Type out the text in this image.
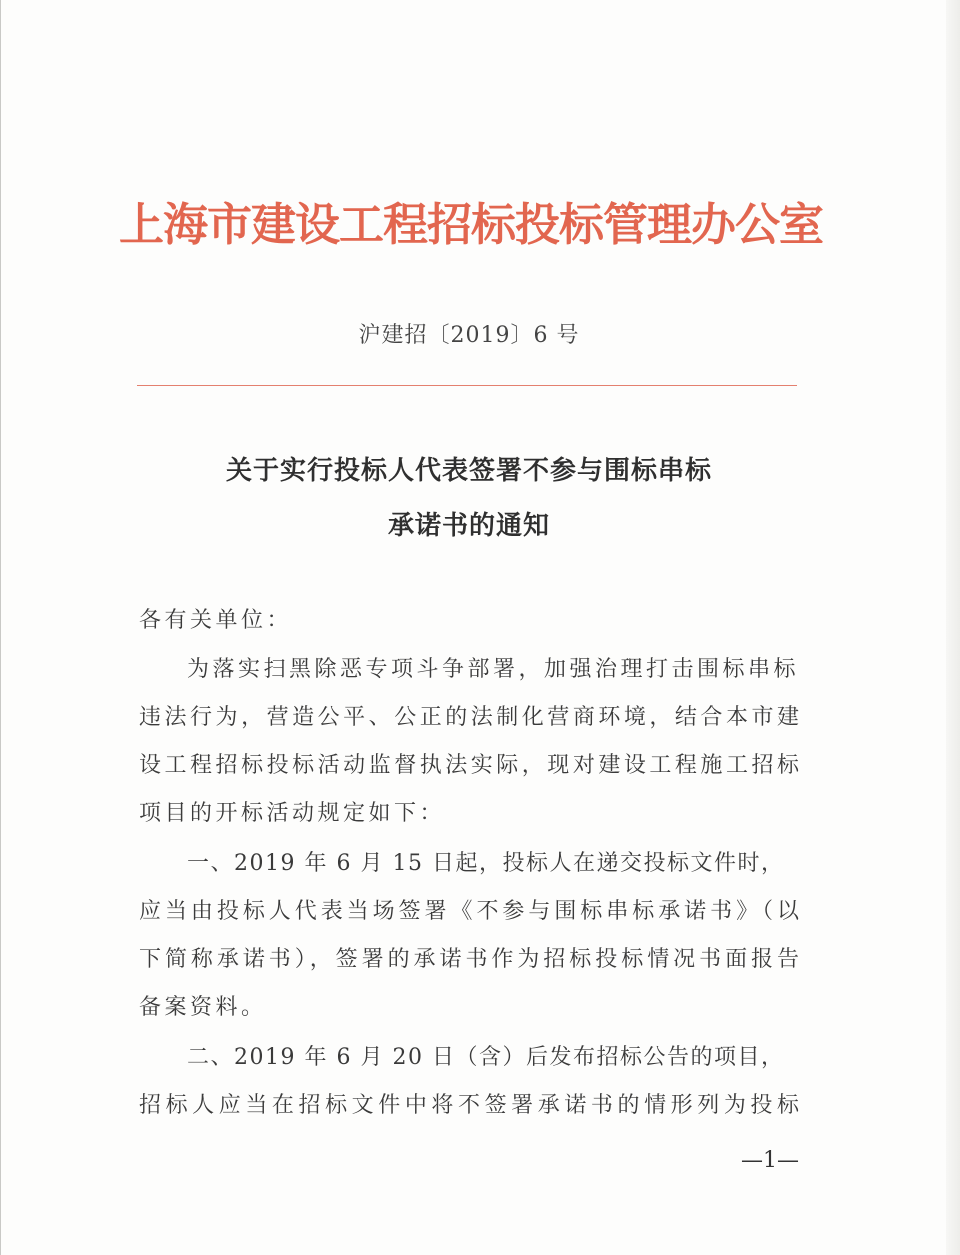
上海市建设工程招标投标管理办公室
沪建招〔2019〕6 号
关于实行投标人代表签署不参与围标串标
承诺书的通知
各有关单位：
为落实扫黑除恶专项斗争部署，加强治理打击围标串标
违法行为，营造公平、公正的法制化营商环境，结合本市建
设工程招标投标活动监督执法实际，现对建设工程施工招标
项目的开标活动规定如下：
一、2019 年 6 月 15 日起，投标人在递交投标文件时，
应当由投标人代表当场签署《不参与围标串标承诺书》（以
下简称承诺书），签署的承诺书作为招标投标情况书面报告
备案资料。
二、2019 年 6 月 20 日（含）后发布招标公告的项目，
招标人应当在招标文件中将不签署承诺书的情形列为投标
—1—
